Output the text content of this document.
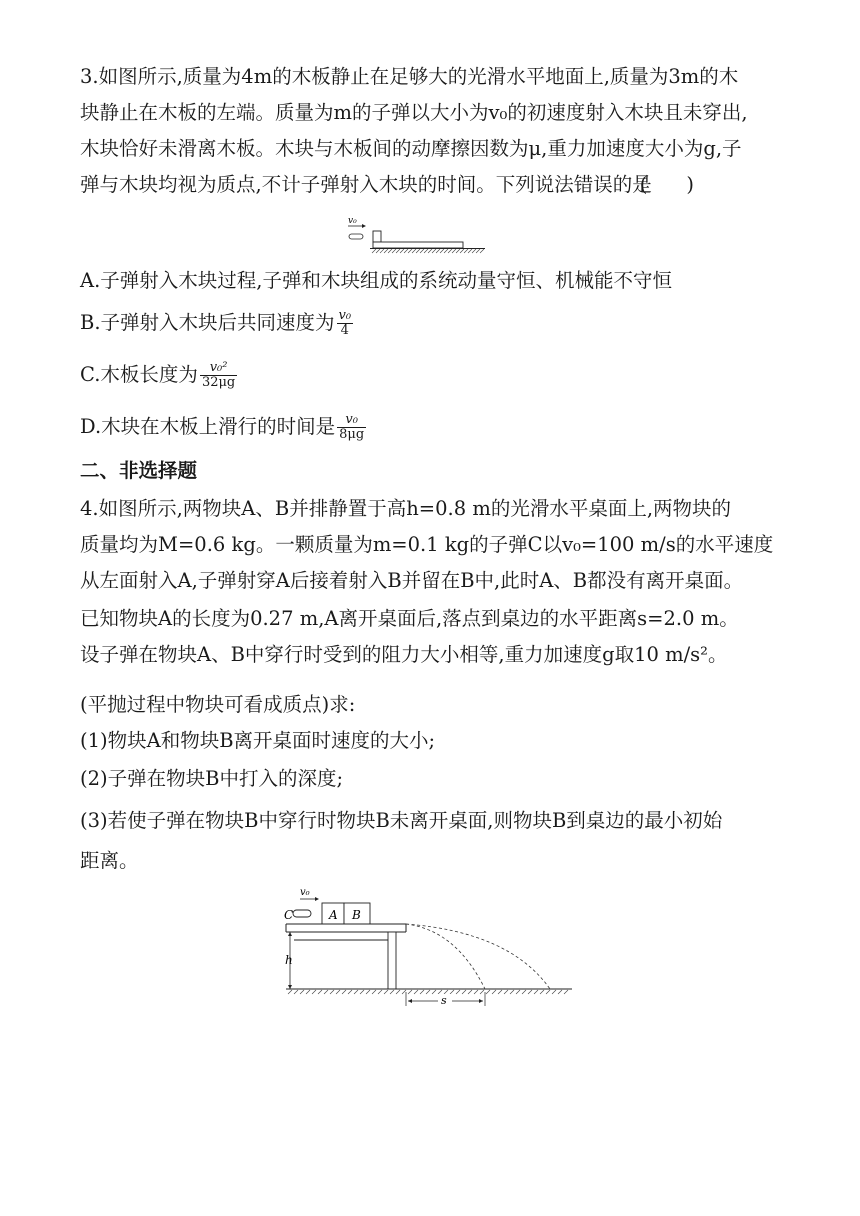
3.如图所示,质量为4m的木板静止在足够大的光滑水平地面上,质量为3m的木
块静止在木板的左端。质量为m的子弹以大小为v₀的初速度射入木块且未穿出,
木块恰好未滑离木板。木块与木板间的动摩擦因数为μ,重力加速度大小为g,子
弹与木块均视为质点,不计子弹射入木块的时间。下列说法错误的是
(　　)
v₀
A.子弹射入木块过程,子弹和木块组成的系统动量守恒、机械能不守恒
B.子弹射入木块后共同速度为 $\frac{\text{v₀}}{4}$
C.木板长度为 $\frac{\text{v₀²}}{32\mu g}$
D.木块在木板上滑行的时间是 $\frac{\text{v₀}}{8\mu g}$
二、非选择题
4.如图所示,两物块A、B并排静置于高h=0.8 m的光滑水平桌面上,两物块的
质量均为M=0.6 kg。一颗质量为m=0.1 kg的子弹C以v₀=100 m/s的水平速度
从左面射入A,子弹射穿A后接着射入B并留在B中,此时A、B都没有离开桌面。
已知物块A的长度为0.27 m,A离开桌面后,落点到桌边的水平距离s=2.0 m。
设子弹在物块A、B中穿行时受到的阻力大小相等,重力加速度g取10 m/s²。
(平抛过程中物块可看成质点)求:
(1)物块A和物块B离开桌面时速度的大小;
(2)子弹在物块B中打入的深度;
(3)若使子弹在物块B中穿行时物块B未离开桌面,则物块B到桌边的最小初始
距离。
v₀
C	A B
h
s
